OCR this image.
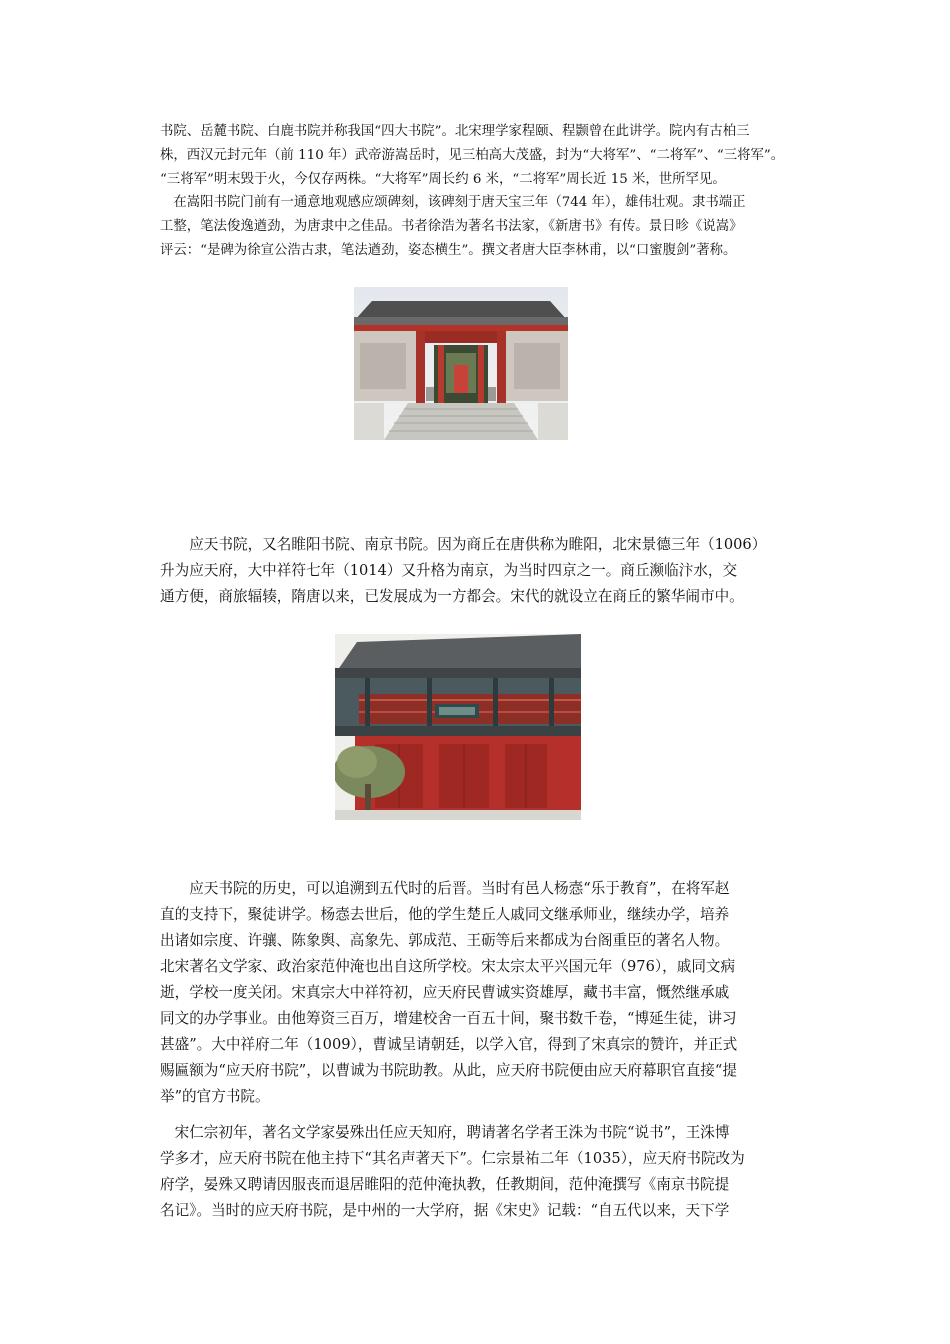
书院、岳麓书院、白鹿书院并称我国“四大书院”。北宋理学家程颐、程颢曾在此讲学。院内有古柏三
株，西汉元封元年（前 110 年）武帝游嵩岳时，见三柏高大茂盛，封为“大将军”、“二将军”、“三将军”。
“三将军”明末毁于火，今仅存两株。“大将军”周长约 6 米，“二将军”周长近 15 米，世所罕见。

　在嵩阳书院门前有一通意地观感应颂碑刻，该碑刻于唐天宝三年（744 年），雄伟壮观。隶书端正
工整，笔法俊逸遒劲，为唐隶中之佳品。书者徐浩为著名书法家，《新唐书》有传。景日昣《说嵩》
评云：“是碑为徐宣公浩古隶，笔法遒劲，姿态横生”。撰文者唐大臣李林甫，以“口蜜腹剑”著称。

　　应天书院，又名睢阳书院、南京书院。因为商丘在唐供称为睢阳，北宋景德三年（1006）
升为应天府，大中祥符七年（1014）又升格为南京，为当时四京之一。商丘濒临汴水，交
通方便，商旅辐辏，隋唐以来，已发展成为一方都会。宋代的就设立在商丘的繁华闹市中。

　　应天书院的历史，可以追溯到五代时的后晋。当时有邑人杨悫“乐于教育”，在将军赵
直的支持下，聚徒讲学。杨悫去世后，他的学生楚丘人戚同文继承师业，继续办学，培养
出诸如宗度、许骧、陈象舆、高象先、郭成范、王砺等后来都成为台阁重臣的著名人物。
北宋著名文学家、政治家范仲淹也出自这所学校。宋太宗太平兴国元年（976），戚同文病
逝，学校一度关闭。宋真宗大中祥符初，应天府民曹诚实资雄厚，藏书丰富，慨然继承戚
同文的办学事业。由他筹资三百万，增建校舍一百五十间，聚书数千卷，“博延生徒，讲习
甚盛”。大中祥府二年（1009），曹诚呈请朝廷，以学入官，得到了宋真宗的赞许，并正式
赐匾额为“应天府书院”，以曹诚为书院助教。从此，应天府书院便由应天府幕职官直接“提
举”的官方书院。

　宋仁宗初年，著名文学家晏殊出任应天知府，聘请著名学者王洙为书院“说书”，王洙博
学多才，应天府书院在他主持下“其名声著天下”。仁宗景祐二年（1035），应天府书院改为
府学，晏殊又聘请因服丧而退居睢阳的范仲淹执教，任教期间，范仲淹撰写《南京书院提
名记》。当时的应天府书院，是中州的一大学府，据《宋史》记载：“自五代以来，天下学
